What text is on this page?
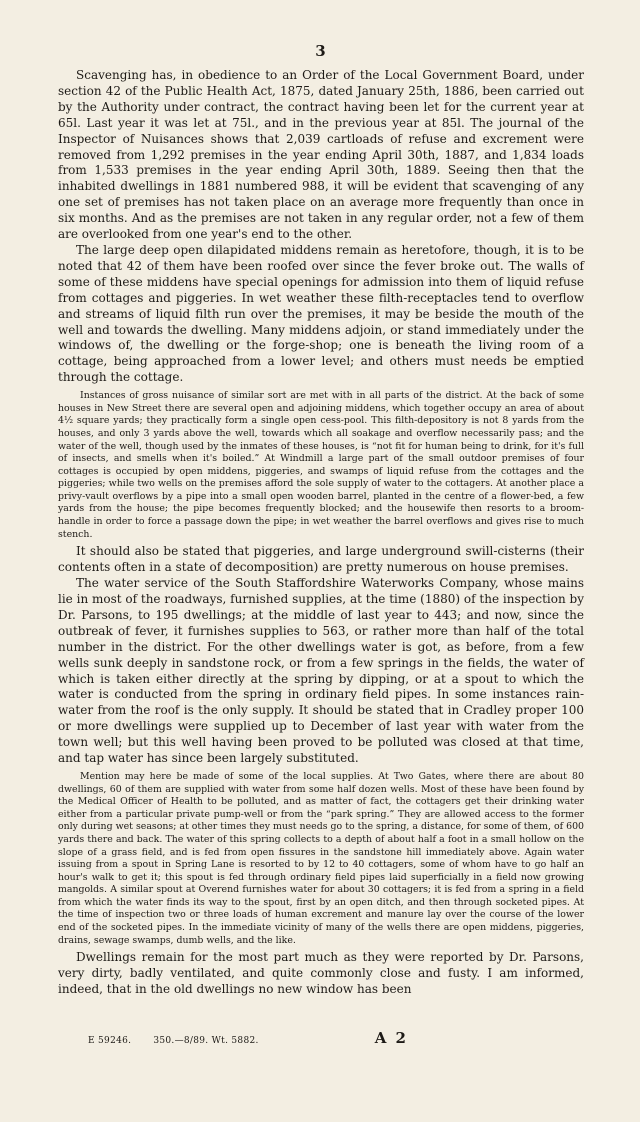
3

Scavenging has, in obedience to an Order of the Local Government Board, under section 42 of the Public Health Act, 1875, dated January 25th, 1886, been carried out by the Authority under contract, the contract having been let for the current year at 65l. Last year it was let at 75l., and in the previous year at 85l. The journal of the Inspector of Nuisances shows that 2,039 cartloads of refuse and excrement were removed from 1,292 premises in the year ending April 30th, 1887, and 1,834 loads from 1,533 premises in the year ending April 30th, 1889. Seeing then that the inhabited dwellings in 1881 numbered 988, it will be evident that scavenging of any one set of premises has not taken place on an average more frequently than once in six months. And as the premises are not taken in any regular order, not a few of them are overlooked from one year's end to the other.

The large deep open dilapidated middens remain as heretofore, though, it is to be noted that 42 of them have been roofed over since the fever broke out. The walls of some of these middens have special openings for admission into them of liquid refuse from cottages and piggeries. In wet weather these filth-receptacles tend to overflow and streams of liquid filth run over the premises, it may be beside the mouth of the well and towards the dwelling. Many middens adjoin, or stand immediately under the windows of, the dwelling or the forge-shop; one is beneath the living room of a cottage, being approached from a lower level; and others must needs be emptied through the cottage.

Instances of gross nuisance of similar sort are met with in all parts of the district. At the back of some houses in New Street there are several open and adjoining middens, which together occupy an area of about 4½ square yards; they practically form a single open cess-pool. This filth-depository is not 8 yards from the houses, and only 3 yards above the well, towards which all soakage and overflow necessarily pass; and the water of the well, though used by the inmates of these houses, is “not fit for human being to drink, for it's full of insects, and smells when it's boiled.” At Windmill a large part of the small outdoor premises of four cottages is occupied by open middens, piggeries, and swamps of liquid refuse from the cottages and the piggeries; while two wells on the premises afford the sole supply of water to the cottagers. At another place a privy-vault overflows by a pipe into a small open wooden barrel, planted in the centre of a flower-bed, a few yards from the house; the pipe becomes frequently blocked; and the housewife then resorts to a broom-handle in order to force a passage down the pipe; in wet weather the barrel overflows and gives rise to much stench.

It should also be stated that piggeries, and large underground swill-cisterns (their contents often in a state of decomposition) are pretty numerous on house premises.

The water service of the South Staffordshire Waterworks Company, whose mains lie in most of the roadways, furnished supplies, at the time (1880) of the inspection by Dr. Parsons, to 195 dwellings; at the middle of last year to 443; and now, since the outbreak of fever, it furnishes supplies to 563, or rather more than half of the total number in the district. For the other dwellings water is got, as before, from a few wells sunk deeply in sandstone rock, or from a few springs in the fields, the water of which is taken either directly at the spring by dipping, or at a spout to which the water is conducted from the spring in ordinary field pipes. In some instances rain-water from the roof is the only supply. It should be stated that in Cradley proper 100 or more dwellings were supplied up to December of last year with water from the town well; but this well having been proved to be polluted was closed at that time, and tap water has since been largely substituted.

Mention may here be made of some of the local supplies. At Two Gates, where there are about 80 dwellings, 60 of them are supplied with water from some half dozen wells. Most of these have been found by the Medical Officer of Health to be polluted, and as matter of fact, the cottagers get their drinking water either from a particular private pump-well or from the “park spring.” They are allowed access to the former only during wet seasons; at other times they must needs go to the spring, a distance, for some of them, of 600 yards there and back. The water of this spring collects to a depth of about half a foot in a small hollow on the slope of a grass field, and is fed from open fissures in the sandstone hill immediately above. Again water issuing from a spout in Spring Lane is resorted to by 12 to 40 cottagers, some of whom have to go half an hour's walk to get it; this spout is fed through ordinary field pipes laid superficially in a field now growing mangolds. A similar spout at Overend furnishes water for about 30 cottagers; it is fed from a spring in a field from which the water finds its way to the spout, first by an open ditch, and then through socketed pipes. At the time of inspection two or three loads of human excrement and manure lay over the course of the lower end of the socketed pipes. In the immediate vicinity of many of the wells there are open middens, piggeries, drains, sewage swamps, dumb wells, and the like.

Dwellings remain for the most part much as they were reported by Dr. Parsons, very dirty, badly ventilated, and quite commonly close and fusty. I am informed, indeed, that in the old dwellings no new window has been

E 59246. 350.—8/89. Wt. 5882.	A 2
